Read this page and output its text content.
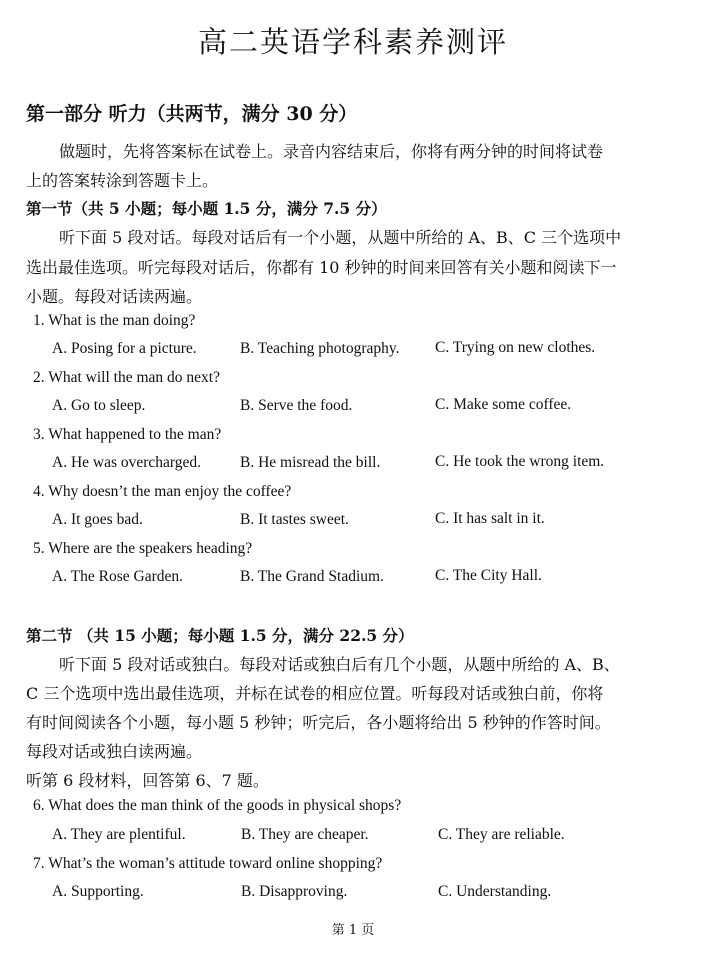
高二英语学科素养测评
第一部分 听力（共两节，满分 30 分）
做题时，先将答案标在试卷上。录音内容结束后，你将有两分钟的时间将试卷
上的答案转涂到答题卡上。
第一节（共 5 小题；每小题 1.5 分，满分 7.5 分）
听下面 5 段对话。每段对话后有一个小题，从题中所给的 A、B、C 三个选项中
选出最佳选项。听完每段对话后，你都有 10 秒钟的时间来回答有关小题和阅读下一
小题。每段对话读两遍。
1. What is the man doing?
A. Posing for a picture.	B. Teaching photography. C. Trying on new clothes.
2. What will the man do next?
A. Go to sleep.	B. Serve the food.	C. Make some coffee.
3. What happened to the man?
A. He was overcharged.	B. He misread the bill.	C. He took the wrong item.
4. Why doesn’t the man enjoy the coffee?
A. It goes bad.	B. It tastes sweet.	C. It has salt in it.
5. Where are the speakers heading?
A. The Rose Garden.	B. The Grand Stadium.	C. The City Hall.
第二节 （共 15 小题；每小题 1.5 分，满分 22.5 分）
听下面 5 段对话或独白。每段对话或独白后有几个小题，从题中所给的 A、B、
C 三个选项中选出最佳选项，并标在试卷的相应位置。听每段对话或独白前，你将
有时间阅读各个小题，每小题 5 秒钟；听完后，各小题将给出 5 秒钟的作答时间。
每段对话或独白读两遍。
听第 6 段材料，回答第 6、7 题。
6. What does the man think of the goods in physical shops?
A. They are plentiful.	B. They are cheaper.	C. They are reliable.
7. What’s the woman’s attitude toward online shopping?
A. Supporting.	B. Disapproving.	C. Understanding.
第 1 页
